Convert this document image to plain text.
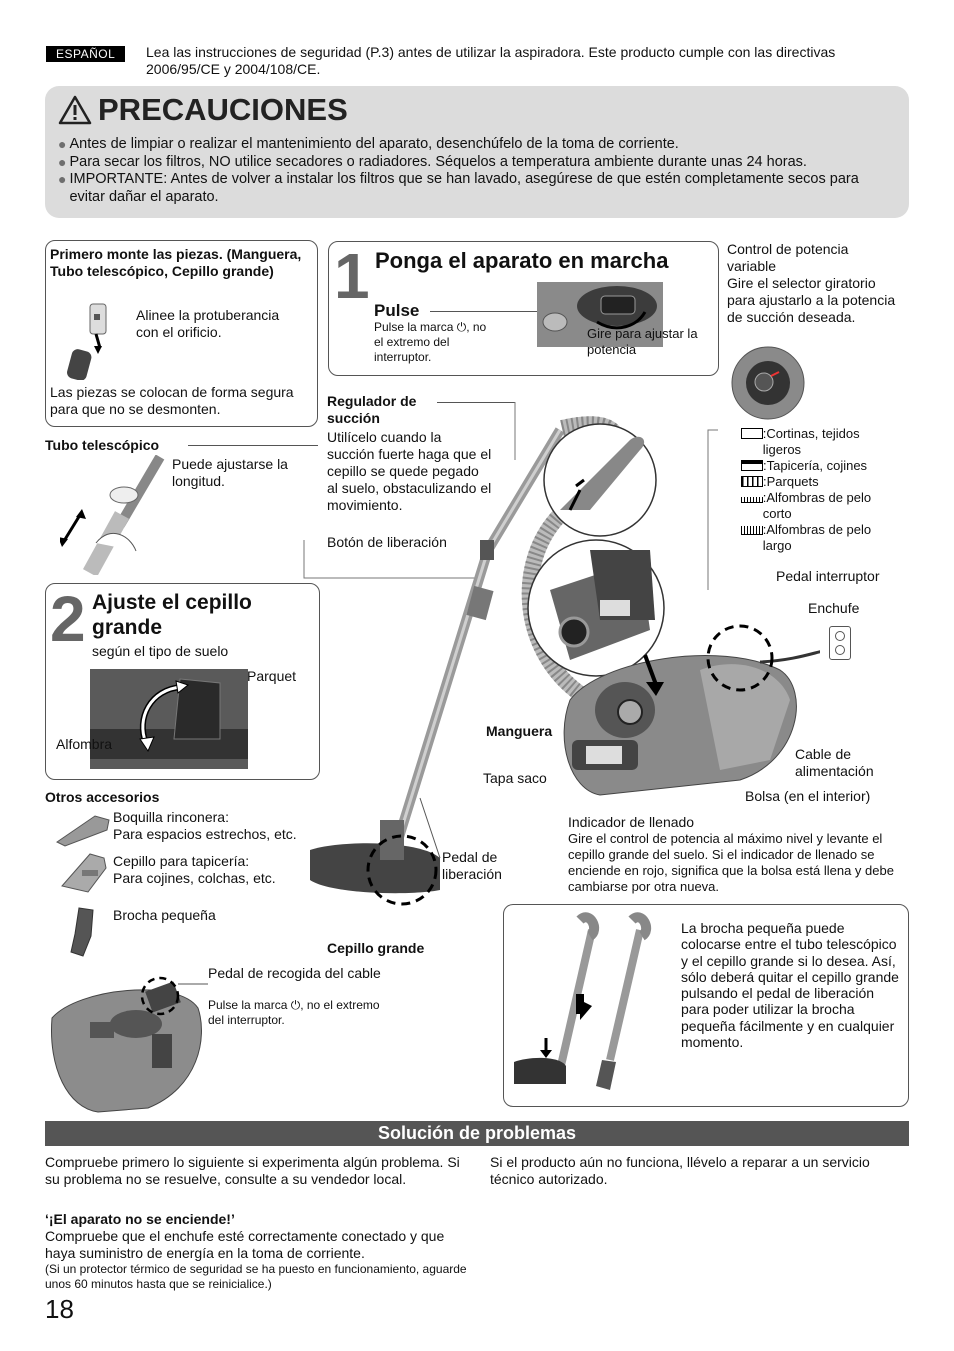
ESPAÑOL	Lea las instrucciones de seguridad (P.3) antes de utilizar la aspiradora. Este producto cumple con las directivas 2006/95/CE y 2004/108/CE.
PRECAUCIONES
● Antes de limpiar o realizar el mantenimiento del aparato, desenchúfelo de la toma de corriente.
● Para secar los filtros, NO utilice secadores o radiadores. Séquelos a temperatura ambiente durante unas 24 horas.
● IMPORTANTE: Antes de volver a instalar los filtros que se han lavado, asegúrese de que estén completamente secos para evitar dañar el aparato.
Primero monte las piezas. (Manguera, Tubo telescópico, Cepillo grande)
Alinee la protuberancia con el orificio.
Las piezas se colocan de forma segura para que no se desmonten.
Tubo telescópico
Puede ajustarse la longitud.
1 Ponga el aparato en marcha
Pulse
Pulse la marca ⏻, no el extremo del interruptor.
Gire para ajustar la potencia
Control de potencia variable
Gire el selector giratorio para ajustarlo a la potencia de succión deseada.
:Cortinas, tejidos ligeros
:Tapicería, cojines
:Parquets
:Alfombras de pelo corto
:Alfombras de pelo largo
Regulador de succión
Utilícelo cuando la succión fuerte haga que el cepillo se quede pegado al suelo, obstaculizando el movimiento.
Botón de liberación
Pedal interruptor
Enchufe
Manguera
Cable de alimentación
Tapa saco
Bolsa (en el interior)
Indicador de llenado
Gire el control de potencia al máximo nivel y levante el cepillo grande del suelo. Si el indicador de llenado se enciende en rojo, significa que la bolsa está llena y debe cambiarse por otra nueva.
2 Ajuste el cepillo grande
según el tipo de suelo
Parquet
Alfombra
Otros accesorios
Boquilla rinconera:
Para espacios estrechos, etc.
Cepillo para tapicería:
Para cojines, colchas, etc.
Brocha pequeña
Pedal de liberación
Cepillo grande
Pedal de recogida del cable
Pulse la marca ⏻, no el extremo del interruptor.
La brocha pequeña puede colocarse entre el tubo telescópico y el cepillo grande si lo desea. Así, sólo deberá quitar el cepillo grande pulsando el pedal de liberación para poder utilizar la brocha pequeña fácilmente y en cualquier momento.
Solución de problemas
Compruebe primero lo siguiente si experimenta algún problema. Si su problema no se resuelve, consulte a su vendedor local.
‘¡El aparato no se enciende!’
Compruebe que el enchufe esté correctamente conectado y que haya suministro de energía en la toma de corriente.
(Si un protector térmico de seguridad se ha puesto en funcionamiento, aguarde unos 60 minutos hasta que se reinicialice.)
Si el producto aún no funciona, llévelo a reparar a un servicio técnico autorizado.
18
